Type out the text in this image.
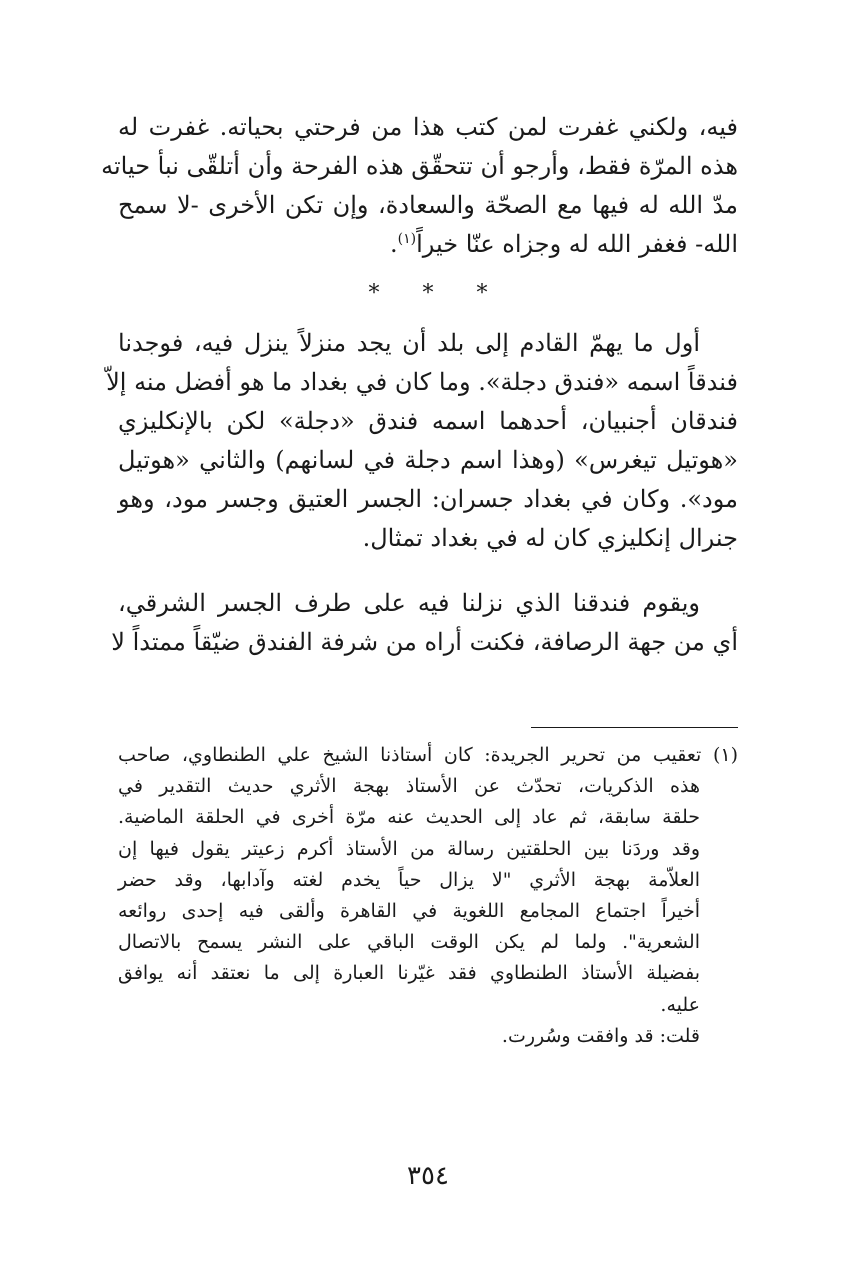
فيه، ولكني غفرت لمن كتب هذا من فرحتي بحياته. غفرت له
هذه المرّة فقط، وأرجو أن تتحقّق هذه الفرحة وأن أتلقّى نبأ حياته
مدّ الله له فيها مع الصحّة والسعادة، وإن تكن الأخرى -لا سمح
الله- فغفر الله له وجزاه عنّا خيراً$^{(١)}$.
* * *
أول ما يهمّ القادم إلى بلد أن يجد منزلاً ينزل فيه، فوجدنا
فندقاً اسمه «فندق دجلة». وما كان في بغداد ما هو أفضل منه إلاّ
فندقان أجنبيان، أحدهما اسمه فندق «دجلة» لكن بالإنكليزي
«هوتيل تيغرس» (وهذا اسم دجلة في لسانهم) والثاني «هوتيل
مود». وكان في بغداد جسران: الجسر العتيق وجسر مود، وهو
جنرال إنكليزي كان له في بغداد تمثال.
ويقوم فندقنا الذي نزلنا فيه على طرف الجسر الشرقي،
أي من جهة الرصافة، فكنت أراه من شرفة الفندق ضيّقاً ممتداً لا
(١) تعقيب من تحرير الجريدة: كان أستاذنا الشيخ علي الطنطاوي، صاحب
هذه الذكريات، تحدّث عن الأستاذ بهجة الأثري حديث التقدير في
حلقة سابقة، ثم عاد إلى الحديث عنه مرّة أخرى في الحلقة الماضية.
وقد وردَنا بين الحلقتين رسالة من الأستاذ أكرم زعيتر يقول فيها إن
العلاّمة بهجة الأثري "لا يزال حياً يخدم لغته وآدابها، وقد حضر
أخيراً اجتماع المجامع اللغوية في القاهرة وألقى فيه إحدى روائعه
الشعرية". ولما لم يكن الوقت الباقي على النشر يسمح بالاتصال
بفضيلة الأستاذ الطنطاوي فقد غيّرنا العبارة إلى ما نعتقد أنه يوافق
عليه.
قلت: قد وافقت وسُررت.
٣٥٤
